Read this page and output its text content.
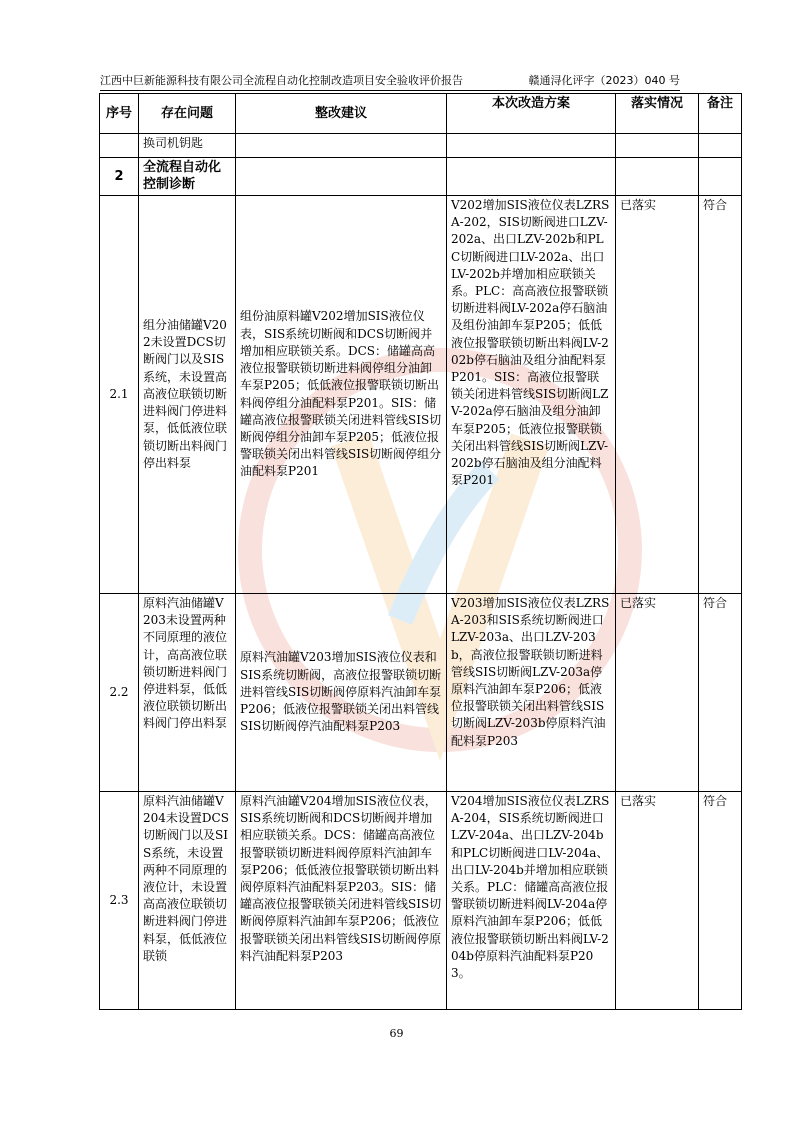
江西中巨新能源科技有限公司全流程自动化控制改造项目安全验收评价报告	赣通浔化评字（2023）040 号
序号	存在问题	整改建议	本次改造方案	落实情况	备注
	换司机钥匙				
2	全流程自动化控制诊断				
2.1	组分油储罐V202未设置DCS切断阀门以及SIS系统，未设置高高液位联锁切断进料阀门停进料泵，低低液位联锁切断出料阀门停出料泵	组份油原料罐V202增加SIS液位仪表，SIS系统切断阀和DCS切断阀并增加相应联锁关系。DCS：储罐高高液位报警联锁切断进料阀停组分油卸车泵P205；低低液位报警联锁切断出料阀停组分油配料泵P201。SIS：储罐高液位报警联锁关闭进料管线SIS切断阀停组分油卸车泵P205；低液位报警联锁关闭出料管线SIS切断阀停组分油配料泵P201	V202增加SIS液位仪表LZRSA-202，SIS切断阀进口LZV-202a、出口LZV-202b和PLC切断阀进口LV-202a、出口LV-202b并增加相应联锁关系。PLC：高高液位报警联锁切断进料阀LV-202a停石脑油及组份油卸车泵P205；低低液位报警联锁切断出料阀LV-202b停石脑油及组分油配料泵P201。SIS：高液位报警联锁关闭进料管线SIS切断阀LZV-202a停石脑油及组分油卸车泵P205；低液位报警联锁关闭出料管线SIS切断阀LZV-202b停石脑油及组分油配料泵P201	已落实	符合
2.2	原料汽油储罐V203未设置两种不同原理的液位计，高高液位联锁切断进料阀门停进料泵，低低液位联锁切断出料阀门停出料泵	原料汽油罐V203增加SIS液位仪表和SIS系统切断阀，高液位报警联锁切断进料管线SIS切断阀停原料汽油卸车泵P206；低液位报警联锁关闭出料管线SIS切断阀停汽油配料泵P203	V203增加SIS液位仪表LZRSA-203和SIS系统切断阀进口LZV-203a、出口LZV-203b，高液位报警联锁切断进料管线SIS切断阀LZV-203a停原料汽油卸车泵P206；低液位报警联锁关闭出料管线SIS切断阀LZV-203b停原料汽油配料泵P203	已落实	符合
2.3	原料汽油储罐V204未设置DCS切断阀门以及SIS系统，未设置两种不同原理的液位计，未设置高高液位联锁切断进料阀门停进料泵，低低液位联锁	原料汽油罐V204增加SIS液位仪表，SIS系统切断阀和DCS切断阀并增加相应联锁关系。DCS：储罐高高液位报警联锁切断进料阀停原料汽油卸车泵P206；低低液位报警联锁切断出料阀停原料汽油配料泵P203。SIS：储罐高液位报警联锁关闭进料管线SIS切断阀停原料汽油卸车泵P206；低液位报警联锁关闭出料管线SIS切断阀停原料汽油配料泵P203	V204增加SIS液位仪表LZRSA-204，SIS系统切断阀进口LZV-204a、出口LZV-204b和PLC切断阀进口LV-204a、出口LV-204b并增加相应联锁关系。PLC：储罐高高液位报警联锁切断进料阀LV-204a停原料汽油卸车泵P206；低低液位报警联锁切断出料阀LV-204b停原料汽油配料泵P203。	已落实	符合
69
